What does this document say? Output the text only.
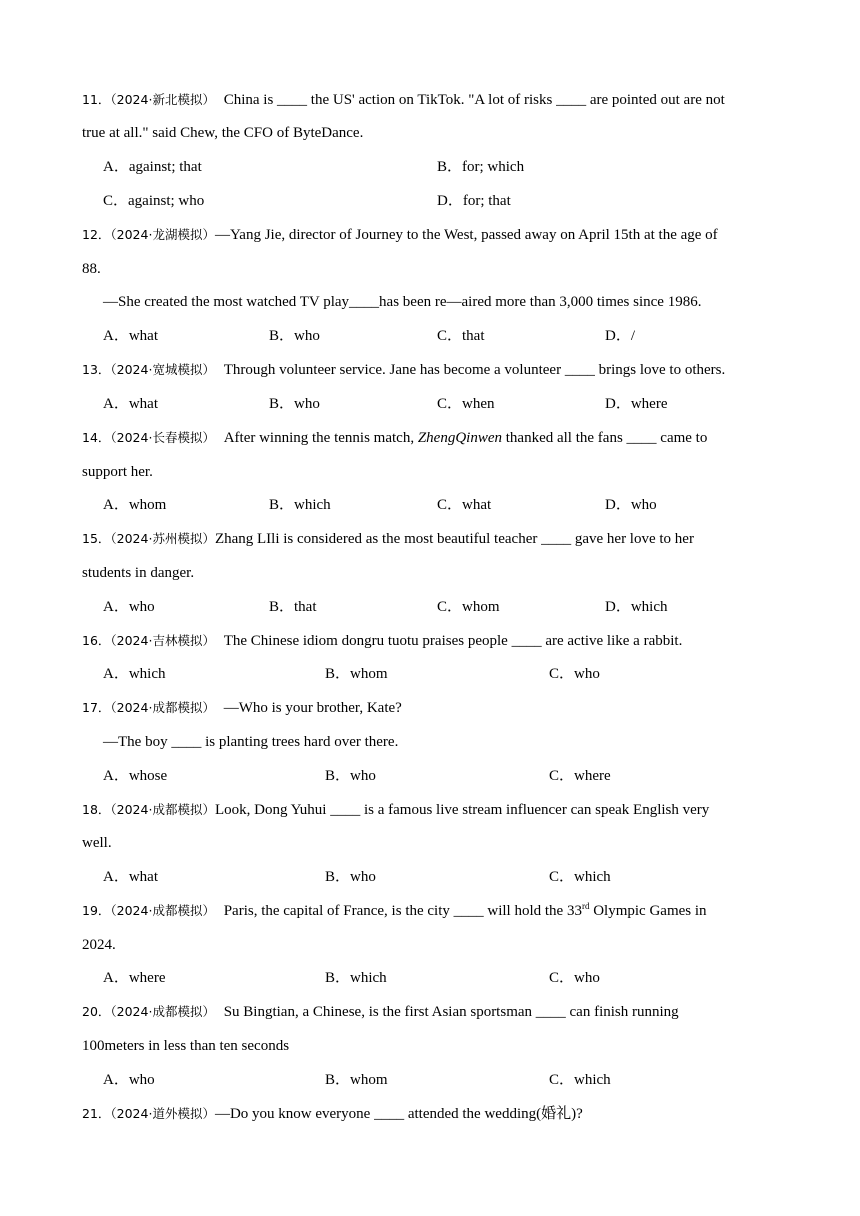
11．（2024·新北模拟）　China is ____ the US' action on TikTok. "A lot of risks ____ are pointed out are not
true at all." said Chew, the CFO of ByteDance.
A．against; that	B．for; which
C．against; who	D．for; that
12．（2024·龙湖模拟）—Yang Jie, director of Journey to the West, passed away on April 15th at the age of
88.
—She created the most watched TV play____has been re—aired more than 3,000 times since 1986.
A．what	B．who	C．that	D．/
13．（2024·宽城模拟）　Through volunteer service. Jane has become a volunteer ____ brings love to others.
A．what	B．who	C．when	D．where
14．（2024·长春模拟）　After winning the tennis match, ZhengQinwen thanked all the fans ____ came to
support her.
A．whom	B．which	C．what	D．who
15．（2024·苏州模拟）Zhang LIli is considered as the most beautiful teacher ____ gave her love to her
students in danger.
A．who	B．that	C．whom	D．which
16．（2024·吉林模拟）　The Chinese idiom dongru tuotu praises people ____ are active like a rabbit.
A．which	B．whom	C．who
17．（2024·成都模拟）　—Who is your brother, Kate?
—The boy ____ is planting trees hard over there.
A．whose	B．who	C．where
18．（2024·成都模拟）Look, Dong Yuhui ____ is a famous live stream influencer can speak English very
well.
A．what	B．who	C．which
19．（2024·成都模拟）　Paris, the capital of France, is the city ____ will hold the 33rd Olympic Games in
2024.
A．where	B．which	C．who
20．（2024·成都模拟）　Su Bingtian, a Chinese, is the first Asian sportsman ____ can finish running
100meters in less than ten seconds
A．who	B．whom	C．which
21．（2024·道外模拟）—Do you know everyone ____ attended the wedding(婚礼)?
